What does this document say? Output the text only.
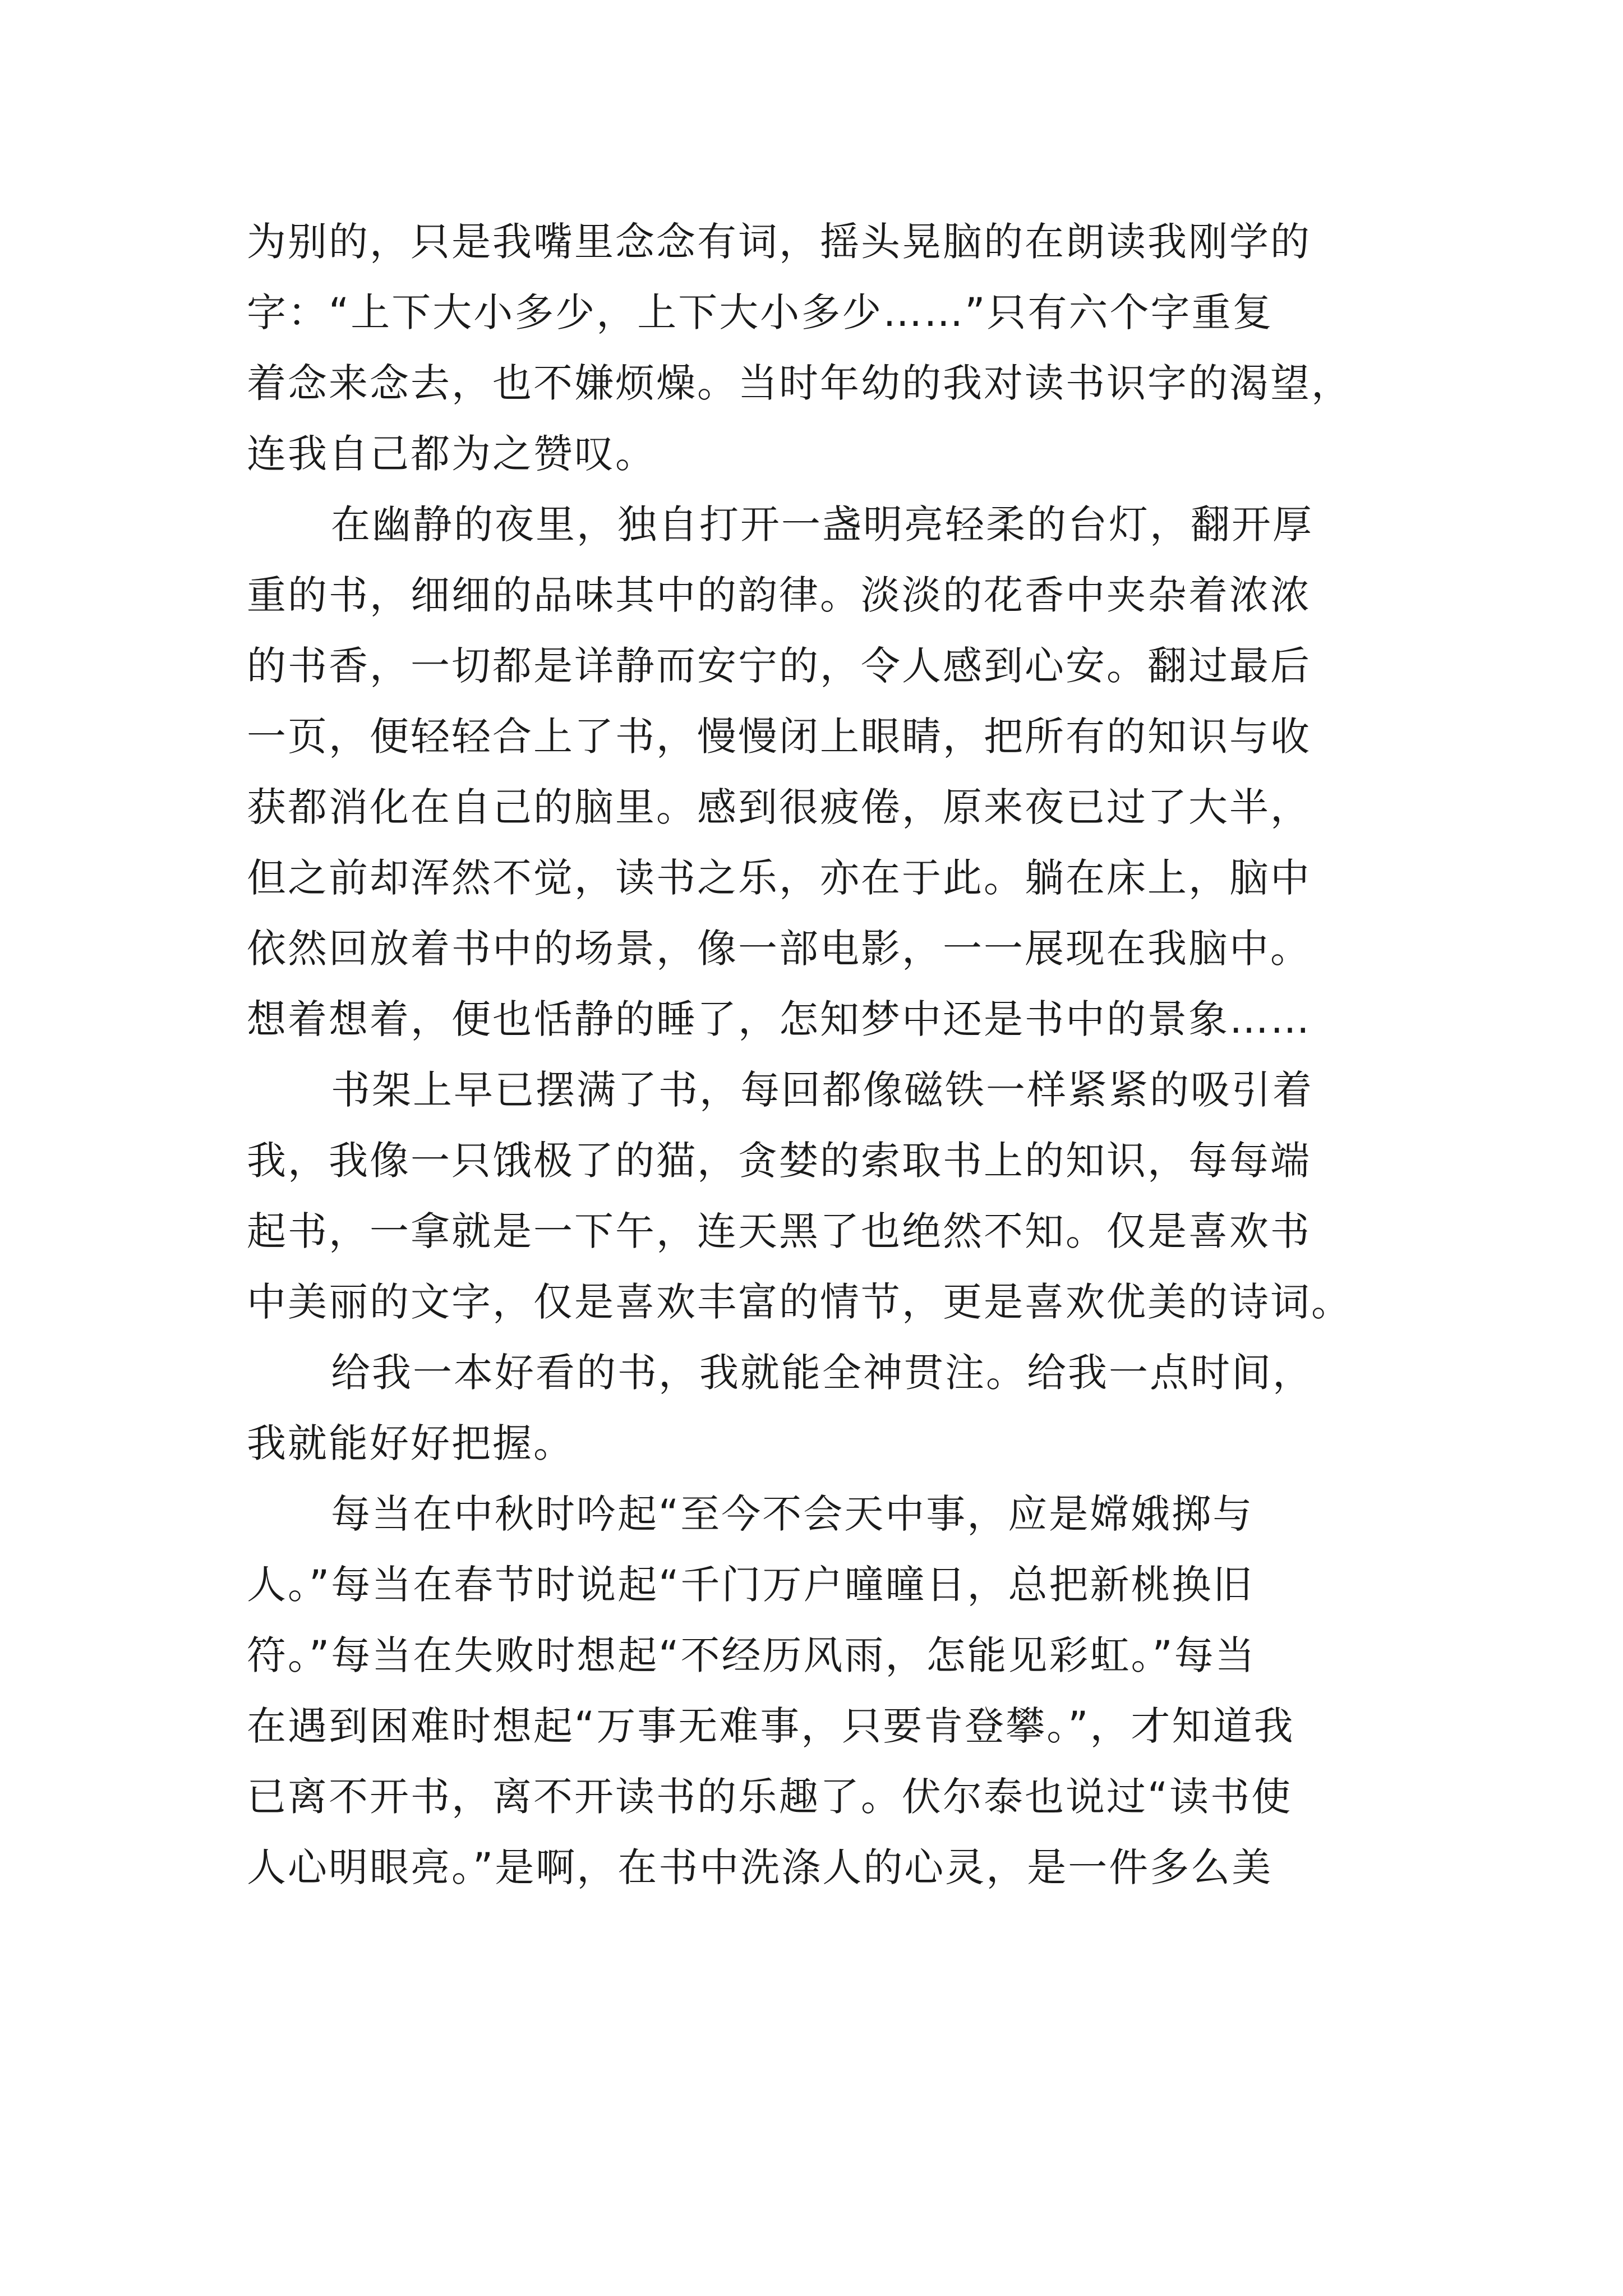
为别的，只是我嘴里念念有词，摇头晃脑的在朗读我刚学的
字：“上下大小多少，上下大小多少……”只有六个字重复
着念来念去，也不嫌烦燥。当时年幼的我对读书识字的渴望，
连我自己都为之赞叹。
在幽静的夜里，独自打开一盏明亮轻柔的台灯，翻开厚
重的书，细细的品味其中的韵律。淡淡的花香中夹杂着浓浓
的书香，一切都是详静而安宁的，令人感到心安。翻过最后
一页，便轻轻合上了书，慢慢闭上眼睛，把所有的知识与收
获都消化在自己的脑里。感到很疲倦，原来夜已过了大半，
但之前却浑然不觉，读书之乐，亦在于此。躺在床上，脑中
依然回放着书中的场景，像一部电影，一一展现在我脑中。
想着想着，便也恬静的睡了，怎知梦中还是书中的景象……
书架上早已摆满了书，每回都像磁铁一样紧紧的吸引着
我，我像一只饿极了的猫，贪婪的索取书上的知识，每每端
起书，一拿就是一下午，连天黑了也绝然不知。仅是喜欢书
中美丽的文字，仅是喜欢丰富的情节，更是喜欢优美的诗词。
给我一本好看的书，我就能全神贯注。给我一点时间，
我就能好好把握。
每当在中秋时吟起“至今不会天中事，应是嫦娥掷与
人。”每当在春节时说起“千门万户曈曈日，总把新桃换旧
符。”每当在失败时想起“不经历风雨，怎能见彩虹。”每当
在遇到困难时想起“万事无难事，只要肯登攀。”，才知道我
已离不开书，离不开读书的乐趣了。伏尔泰也说过“读书使
人心明眼亮。”是啊，在书中洗涤人的心灵，是一件多么美
